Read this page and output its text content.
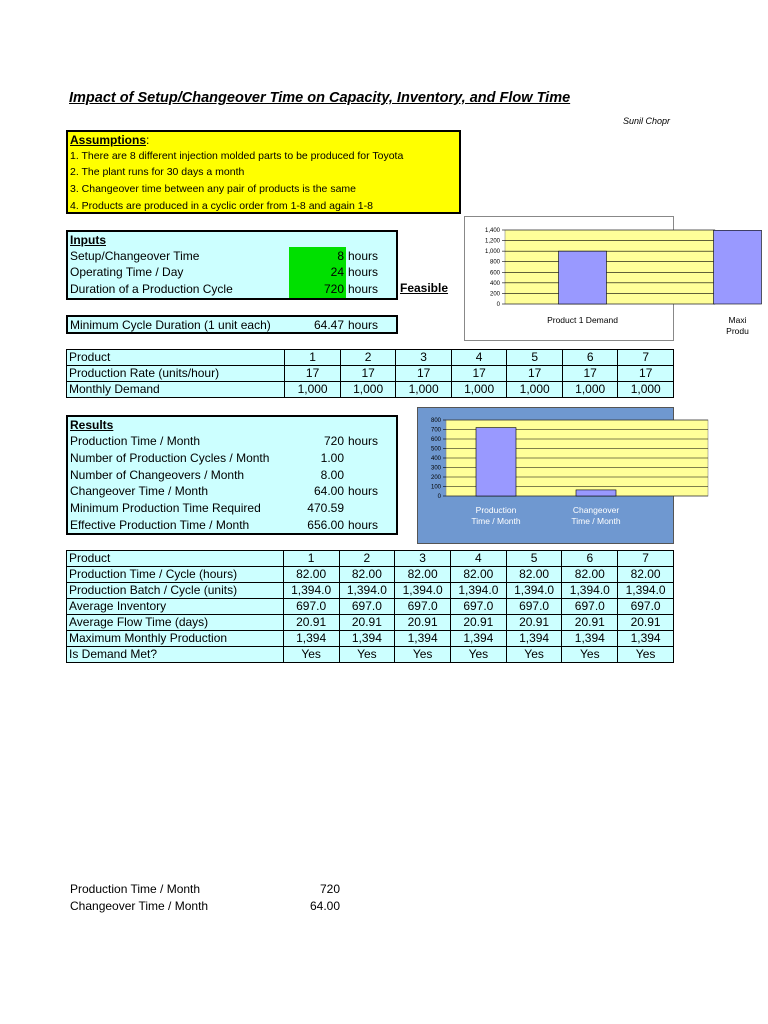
Impact of Setup/Changeover Time on Capacity, Inventory, and Flow Time
Sunil Chopr
Assumptions:
1. There are 8 different injection molded parts to be produced for Toyota
2. The plant runs for 30 days a month
3. Changeover time between any pair of products is the same
4. Products are produced in a cyclic order from 1-8 and again 1-8
Inputs
Setup/Changeover Time	8 hours
Operating Time / Day	24 hours
Duration of a Production Cycle	720 hours Feasible
Minimum Cycle Duration (1 unit each)	64.47 hours
0
200
400
600
800
1,000
1,200
1,400
Product 1 Demand	Maxi
Produ
Product	1	2	3	4	5	6	7
Production Rate (units/hour)	17	17	17	17	17	17	17
Monthly Demand	1,000	1,000	1,000	1,000	1,000	1,000	1,000
Results
Production Time / Month	720 hours
Number of Production Cycles / Month	1.00
Number of Changeovers / Month	8.00
Changeover Time / Month	64.00 hours
Minimum Production Time Required	470.59
Effective Production Time / Month	656.00 hours
0
100
200
300
400
500
600
700
800
Production
Time / Month
Changeover
Time / Month
Product	1	2	3	4	5	6	7
Production Time / Cycle (hours)	82.00	82.00	82.00	82.00	82.00	82.00	82.00
Production Batch / Cycle (units)	1,394.0	1,394.0	1,394.0	1,394.0	1,394.0	1,394.0	1,394.0
Average Inventory	697.0	697.0	697.0	697.0	697.0	697.0	697.0
Average Flow Time (days)	20.91	20.91	20.91	20.91	20.91	20.91	20.91
Maximum Monthly Production	1,394	1,394	1,394	1,394	1,394	1,394	1,394
Is Demand Met?	Yes	Yes	Yes	Yes	Yes	Yes	Yes
Production Time / Month	720
Changeover Time / Month	64.00
